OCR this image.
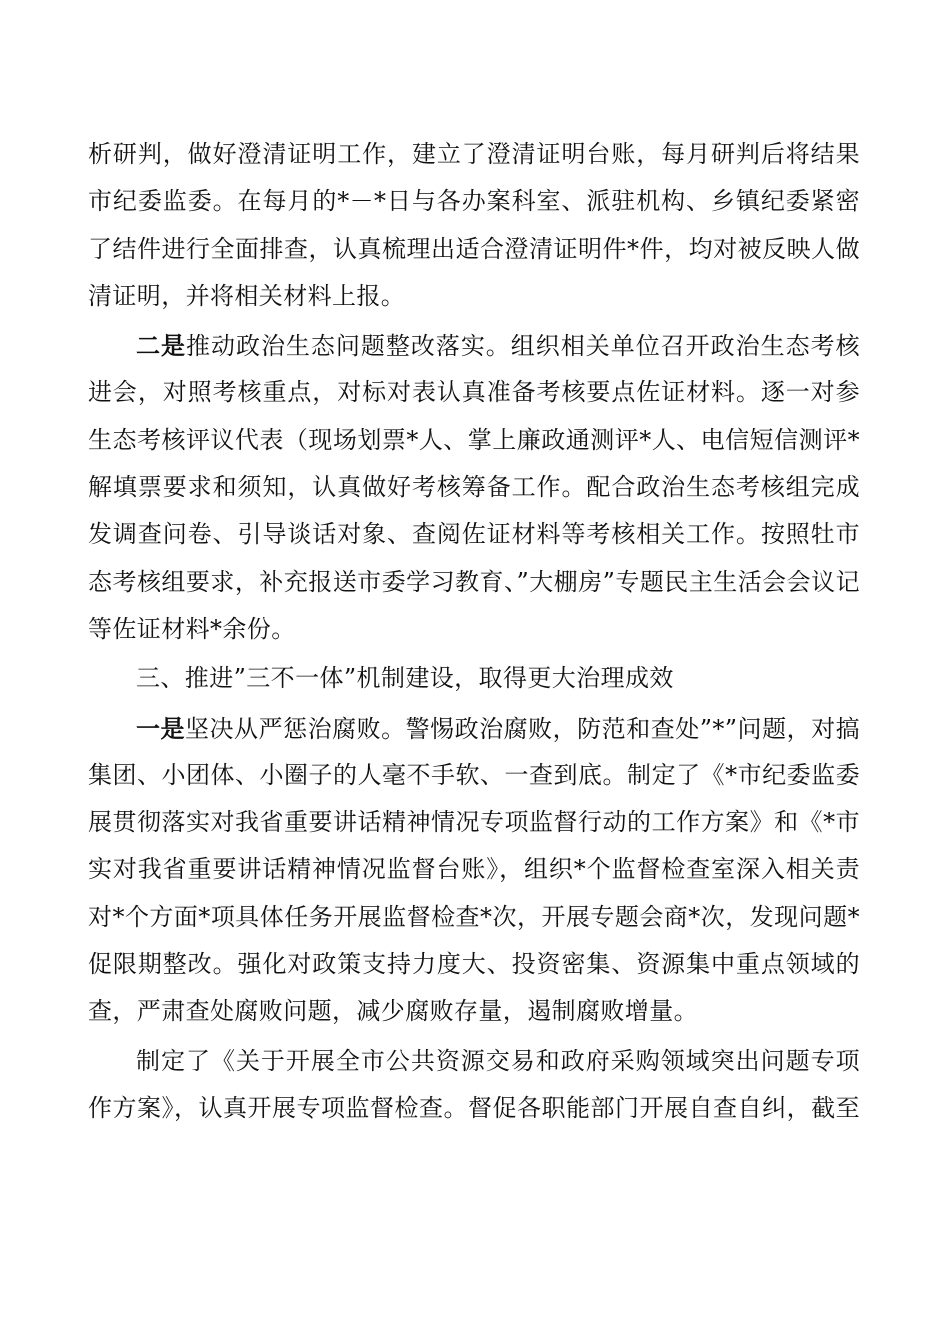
析研判，做好澄清证明工作，建立了澄清证明台账，每月研判后将结果
市纪委监委。在每月的*－*日与各办案科室、派驻机构、乡镇纪委紧密
了结件进行全面排查，认真梳理出适合澄清证明件*件，均对被反映人做
清证明，并将相关材料上报。
二是推动政治生态问题整改落实。组织相关单位召开政治生态考核
进会，对照考核重点，对标对表认真准备考核要点佐证材料。逐一对参
生态考核评议代表（现场划票*人、掌上廉政通测评*人、电信短信测评*
解填票要求和须知，认真做好考核筹备工作。配合政治生态考核组完成
发调查问卷、引导谈话对象、查阅佐证材料等考核相关工作。按照牡市
态考核组要求，补充报送市委学习教育、”大棚房”专题民主生活会会议记
等佐证材料*余份。
三、推进”三不一体”机制建设，取得更大治理成效
一是坚决从严惩治腐败。警惕政治腐败，防范和查处”*”问题，对搞
集团、小团体、小圈子的人毫不手软、一查到底。制定了《*市纪委监委
展贯彻落实对我省重要讲话精神情况专项监督行动的工作方案》和《*市
实对我省重要讲话精神情况监督台账》，组织*个监督检查室深入相关责
对*个方面*项具体任务开展监督检查*次，开展专题会商*次，发现问题*
促限期整改。强化对政策支持力度大、投资密集、资源集中重点领域的
查，严肃查处腐败问题，减少腐败存量，遏制腐败增量。
制定了《关于开展全市公共资源交易和政府采购领域突出问题专项
作方案》，认真开展专项监督检查。督促各职能部门开展自查自纠，截至
